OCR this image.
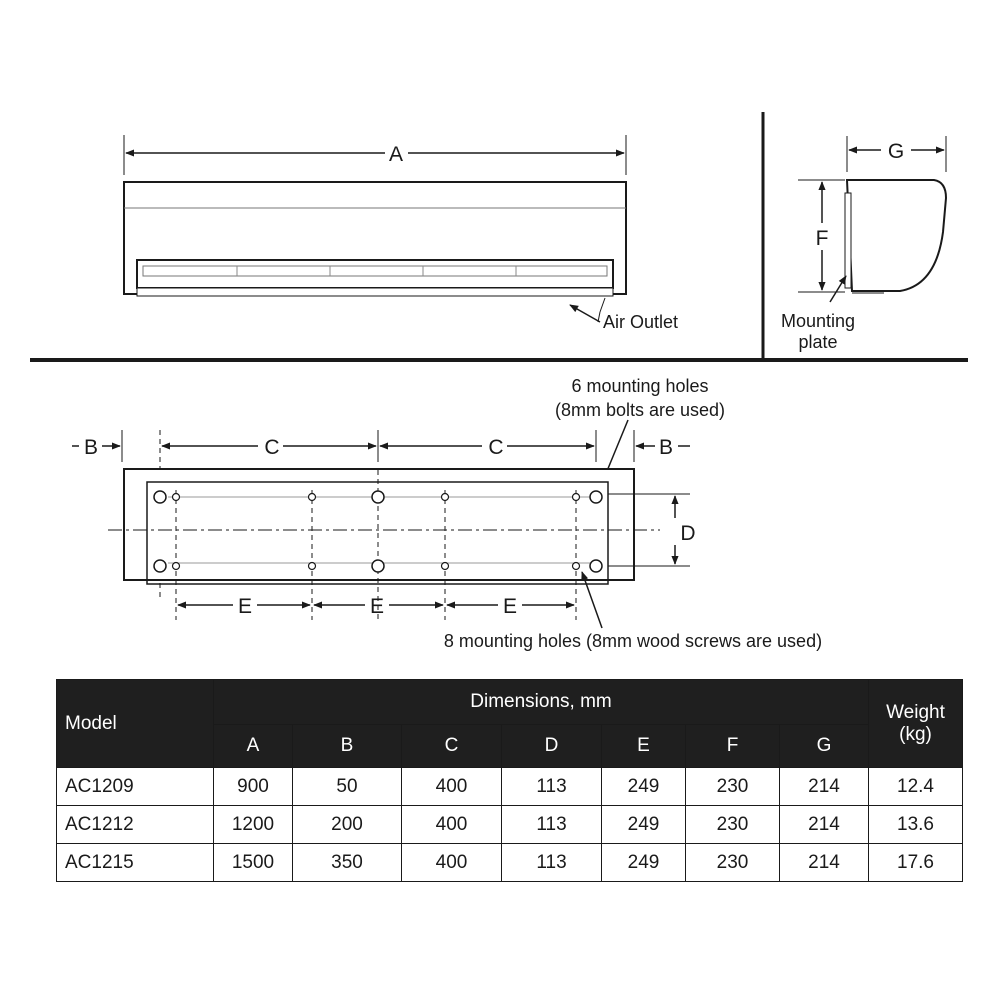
A
Air Outlet
G
F
Mounting
plate
6 mounting holes
(8mm bolts are used)
B	B
C	C
D
E	E	E
8 mounting holes (8mm wood screws are used)
Model	Dimensions, mm							Weight
(kg)
	A	B	C	D	E	F	G	
AC1209	900	50	400	113	249	230	214	12.4
AC1212	1200	200	400	113	249	230	214	13.6
AC1215	1500	350	400	113	249	230	214	17.6
